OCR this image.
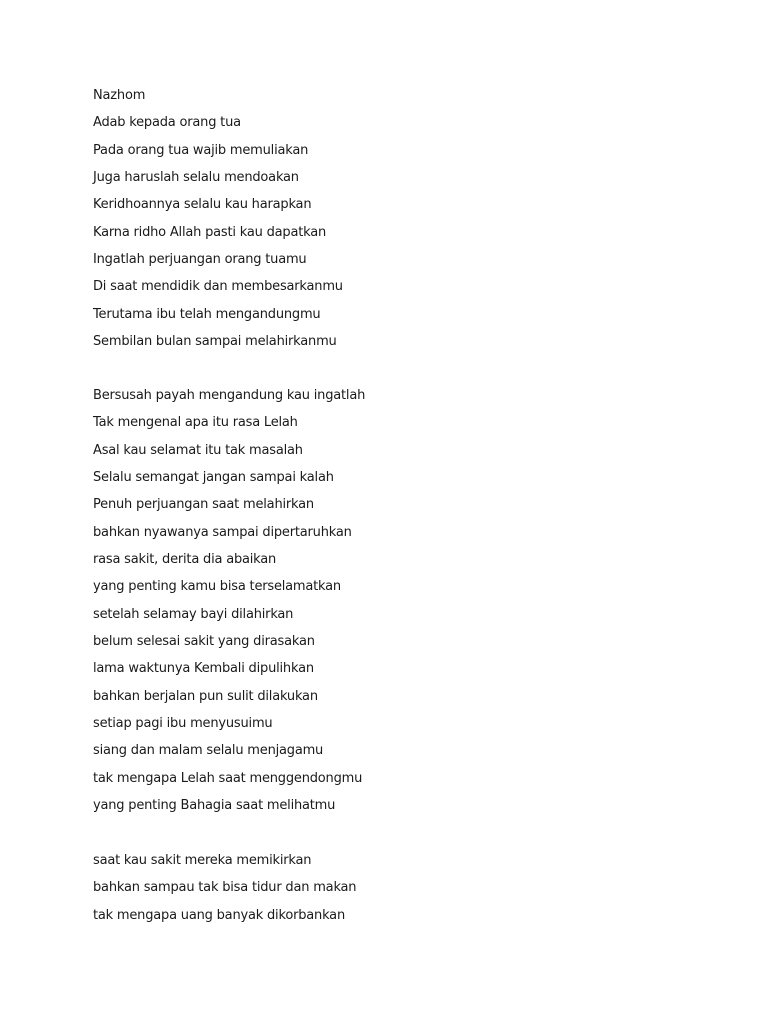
Nazhom
Adab kepada orang tua
Pada orang tua wajib memuliakan
Juga haruslah selalu mendoakan
Keridhoannya selalu kau harapkan
Karna ridho Allah pasti kau dapatkan
Ingatlah perjuangan orang tuamu
Di saat mendidik dan membesarkanmu
Terutama ibu telah mengandungmu
Sembilan bulan sampai melahirkanmu
Bersusah payah mengandung kau ingatlah
Tak mengenal apa itu rasa Lelah
Asal kau selamat itu tak masalah
Selalu semangat jangan sampai kalah
Penuh perjuangan saat melahirkan
bahkan nyawanya sampai dipertaruhkan
rasa sakit, derita dia abaikan
yang penting kamu bisa terselamatkan
setelah selamay bayi dilahirkan
belum selesai sakit yang dirasakan
lama waktunya Kembali dipulihkan
bahkan berjalan pun sulit dilakukan
setiap pagi ibu menyusuimu
siang dan malam selalu menjagamu
tak mengapa Lelah saat menggendongmu
yang penting Bahagia saat melihatmu
saat kau sakit mereka memikirkan
bahkan sampau tak bisa tidur dan makan
tak mengapa uang banyak dikorbankan
